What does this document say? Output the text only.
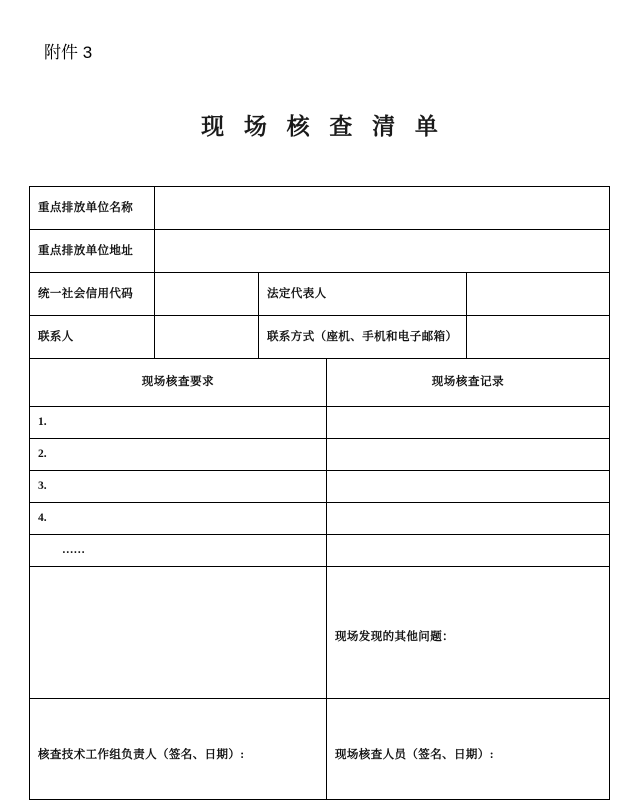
附件 3
现 场 核 查 清 单
重点排放单位名称				
重点排放单位地址				
统一社会信用代码		法定代表人		
联系人		联系方式（座机、手机和电子邮箱）		
现场核查要求			现场核查记录	
1.				
2.				
3.				
4.				
……				
			现场发现的其他问题：	
核查技术工作组负责人（签名、日期）:			现场核查人员（签名、日期）:	
